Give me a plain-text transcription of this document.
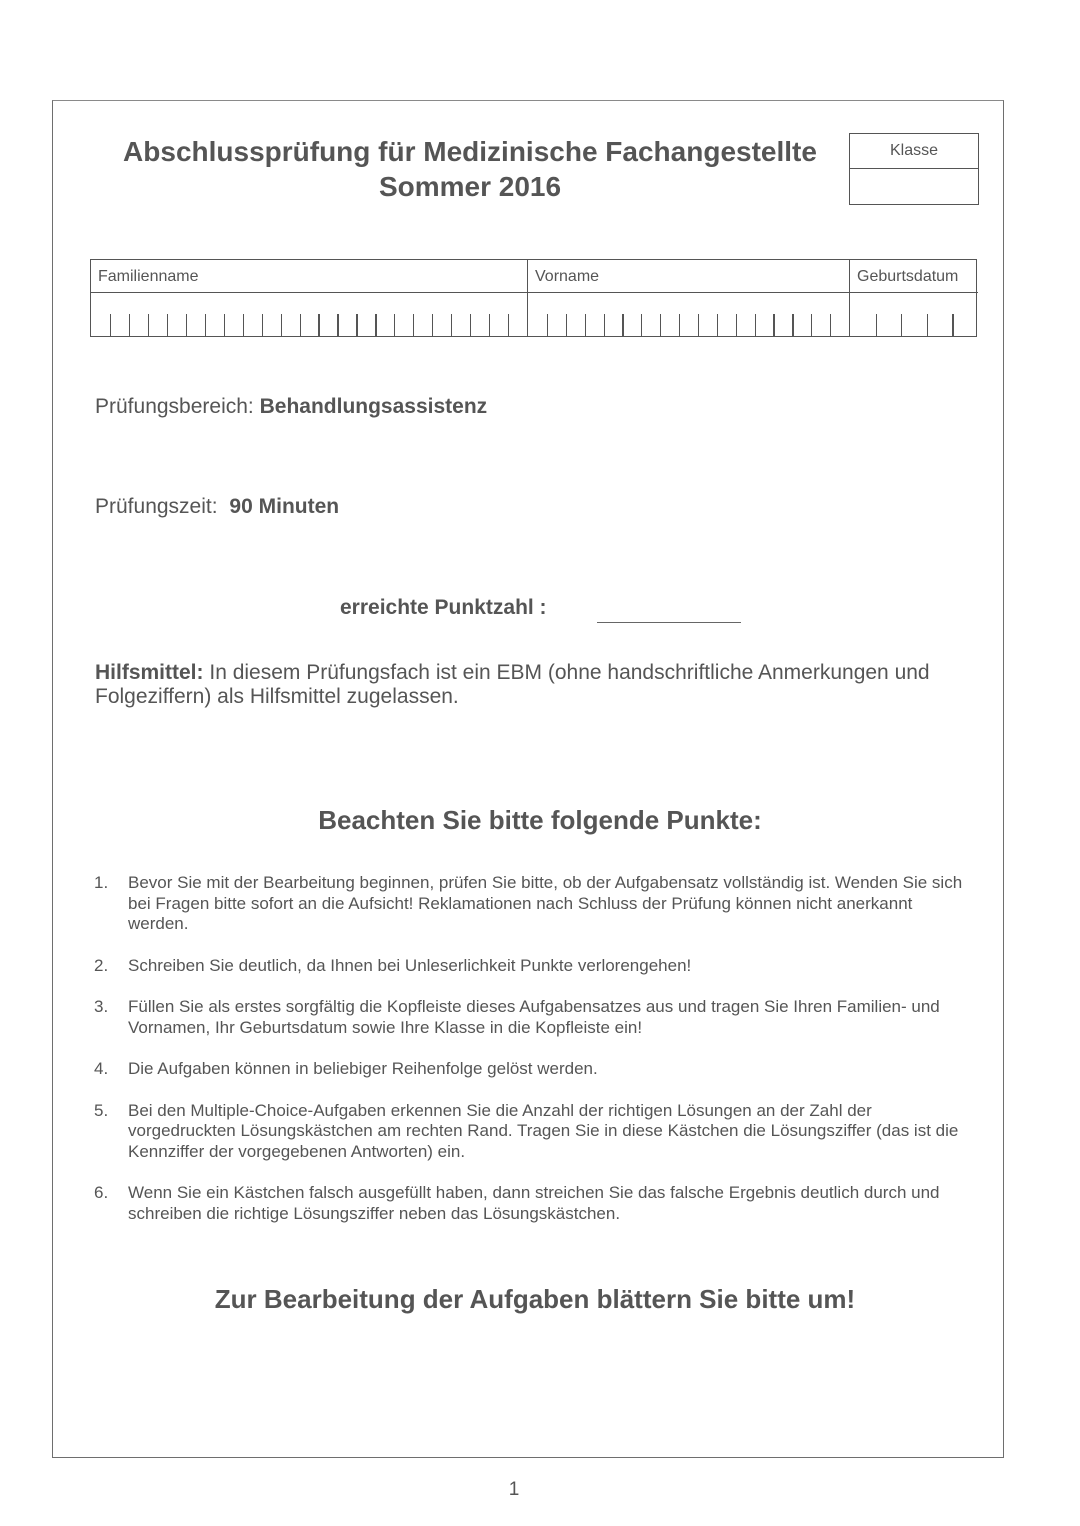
Abschlussprüfung für Medizinische Fachangestellte
Sommer 2016
Klasse
Familienname	Vorname	Geburtsdatum
Prüfungsbereich: Behandlungsassistenz
Prüfungszeit: 90 Minuten
erreichte Punktzahl :
Hilfsmittel: In diesem Prüfungsfach ist ein EBM (ohne handschriftliche Anmerkungen und Folgeziffern) als Hilfsmittel zugelassen.
Beachten Sie bitte folgende Punkte:
1. Bevor Sie mit der Bearbeitung beginnen, prüfen Sie bitte, ob der Aufgabensatz vollständig ist. Wenden Sie sich bei Fragen bitte sofort an die Aufsicht! Reklamationen nach Schluss der Prüfung können nicht anerkannt werden.
2. Schreiben Sie deutlich, da Ihnen bei Unleserlichkeit Punkte verlorengehen!
3. Füllen Sie als erstes sorgfältig die Kopfleiste dieses Aufgabensatzes aus und tragen Sie Ihren Familien- und Vornamen, Ihr Geburtsdatum sowie Ihre Klasse in die Kopfleiste ein!
4. Die Aufgaben können in beliebiger Reihenfolge gelöst werden.
5. Bei den Multiple-Choice-Aufgaben erkennen Sie die Anzahl der richtigen Lösungen an der Zahl der vorgedruckten Lösungskästchen am rechten Rand. Tragen Sie in diese Kästchen die Lösungsziffer (das ist die Kennziffer der vorgegebenen Antworten) ein.
6. Wenn Sie ein Kästchen falsch ausgefüllt haben, dann streichen Sie das falsche Ergebnis deutlich durch und schreiben die richtige Lösungsziffer neben das Lösungskästchen.
Zur Bearbeitung der Aufgaben blättern Sie bitte um!
1
